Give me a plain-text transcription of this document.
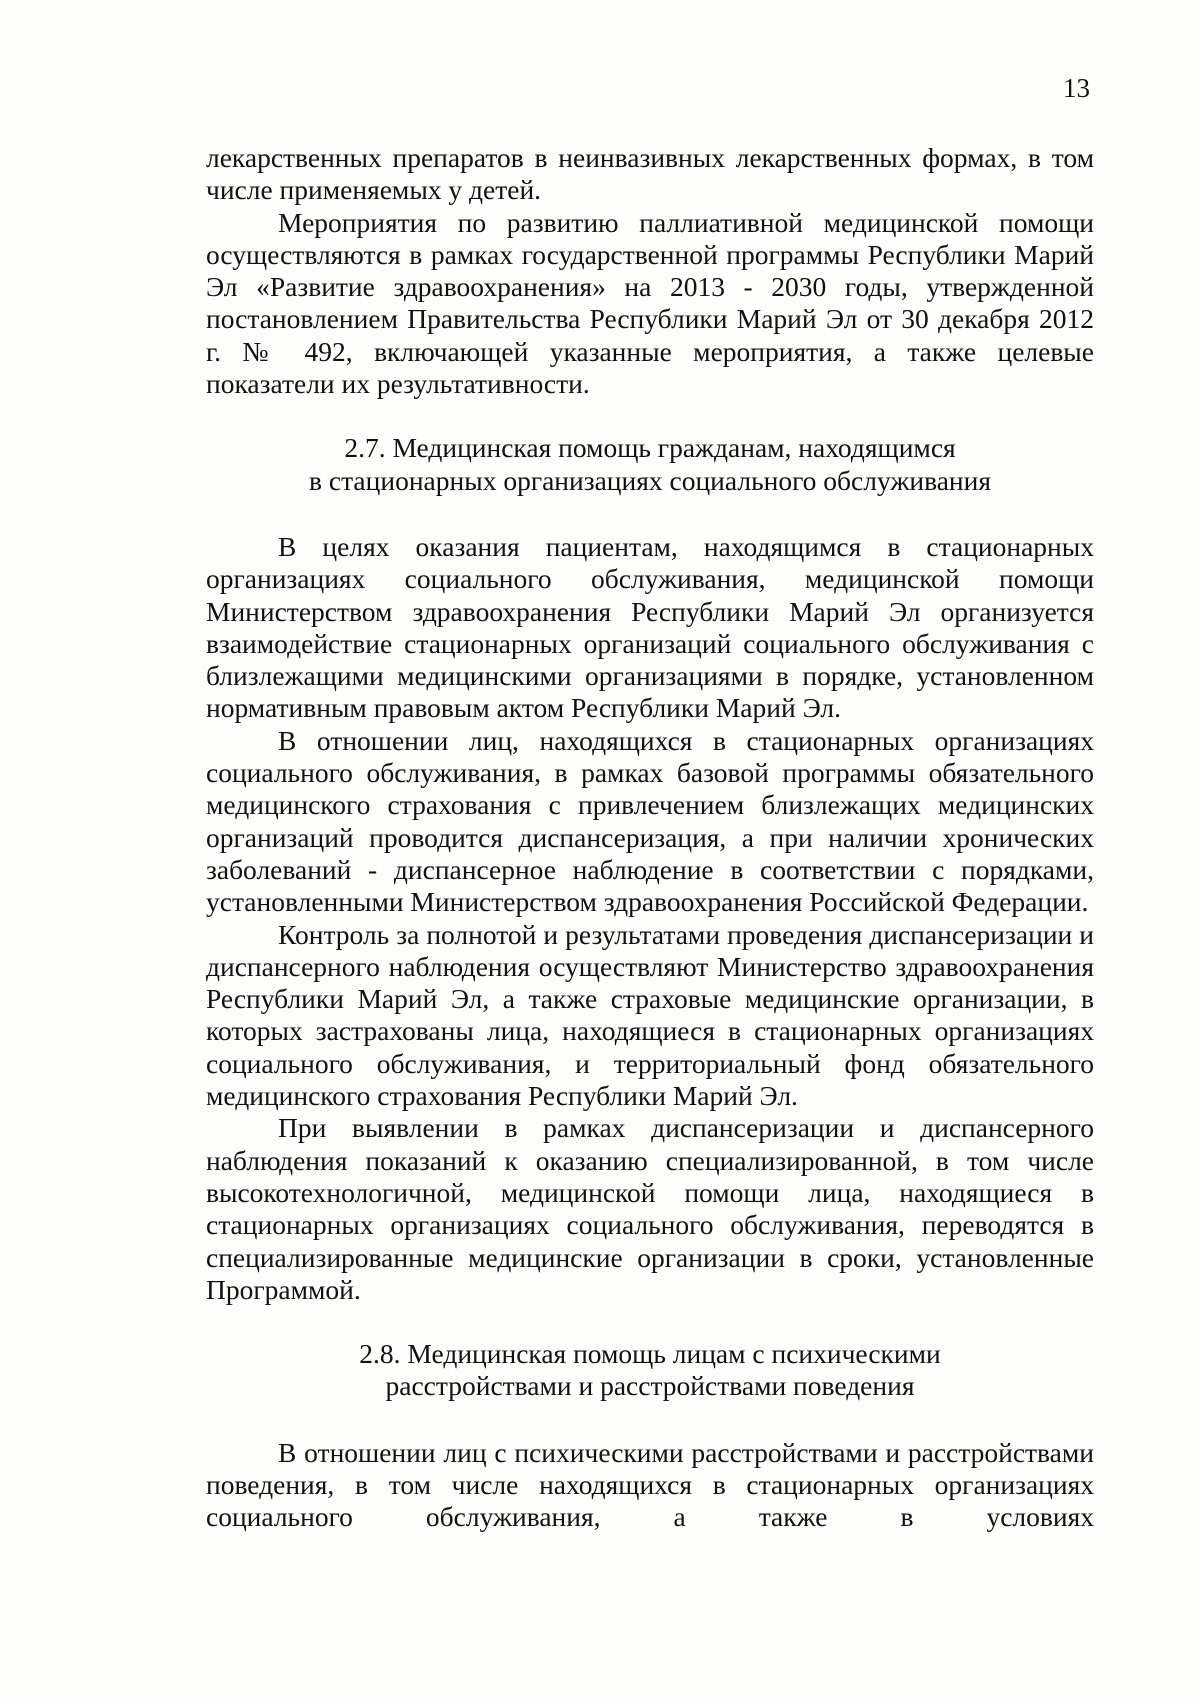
13

лекарственных препаратов в неинвазивных лекарственных формах, в том числе применяемых у детей.

Мероприятия по развитию паллиативной медицинской помощи осуществляются в рамках государственной программы Республики Марий Эл «Развитие здравоохранения» на 2013 - 2030 годы, утвержденной постановлением Правительства Республики Марий Эл от 30 декабря 2012 г. № 492, включающей указанные мероприятия, а также целевые показатели их результативности.

2.7. Медицинская помощь гражданам, находящимся
в стационарных организациях социального обслуживания

В целях оказания пациентам, находящимся в стационарных организациях социального обслуживания, медицинской помощи Министерством здравоохранения Республики Марий Эл организуется взаимодействие стационарных организаций социального обслуживания с близлежащими медицинскими организациями в порядке, установленном нормативным правовым актом Республики Марий Эл.

В отношении лиц, находящихся в стационарных организациях социального обслуживания, в рамках базовой программы обязательного медицинского страхования с привлечением близлежащих медицинских организаций проводится диспансеризация, а при наличии хронических заболеваний - диспансерное наблюдение в соответствии с порядками, установленными Министерством здравоохранения Российской Федерации.

Контроль за полнотой и результатами проведения диспансеризации и диспансерного наблюдения осуществляют Министерство здравоохранения Республики Марий Эл, а также страховые медицинские организации, в которых застрахованы лица, находящиеся в стационарных организациях социального обслуживания, и территориальный фонд обязательного медицинского страхования Республики Марий Эл.

При выявлении в рамках диспансеризации и диспансерного наблюдения показаний к оказанию специализированной, в том числе высокотехнологичной, медицинской помощи лица, находящиеся в стационарных организациях социального обслуживания, переводятся в специализированные медицинские организации в сроки, установленные Программой.

2.8. Медицинская помощь лицам с психическими
расстройствами и расстройствами поведения

В отношении лиц с психическими расстройствами и расстройствами поведения, в том числе находящихся в стационарных организациях социального обслуживания, а также в условиях
